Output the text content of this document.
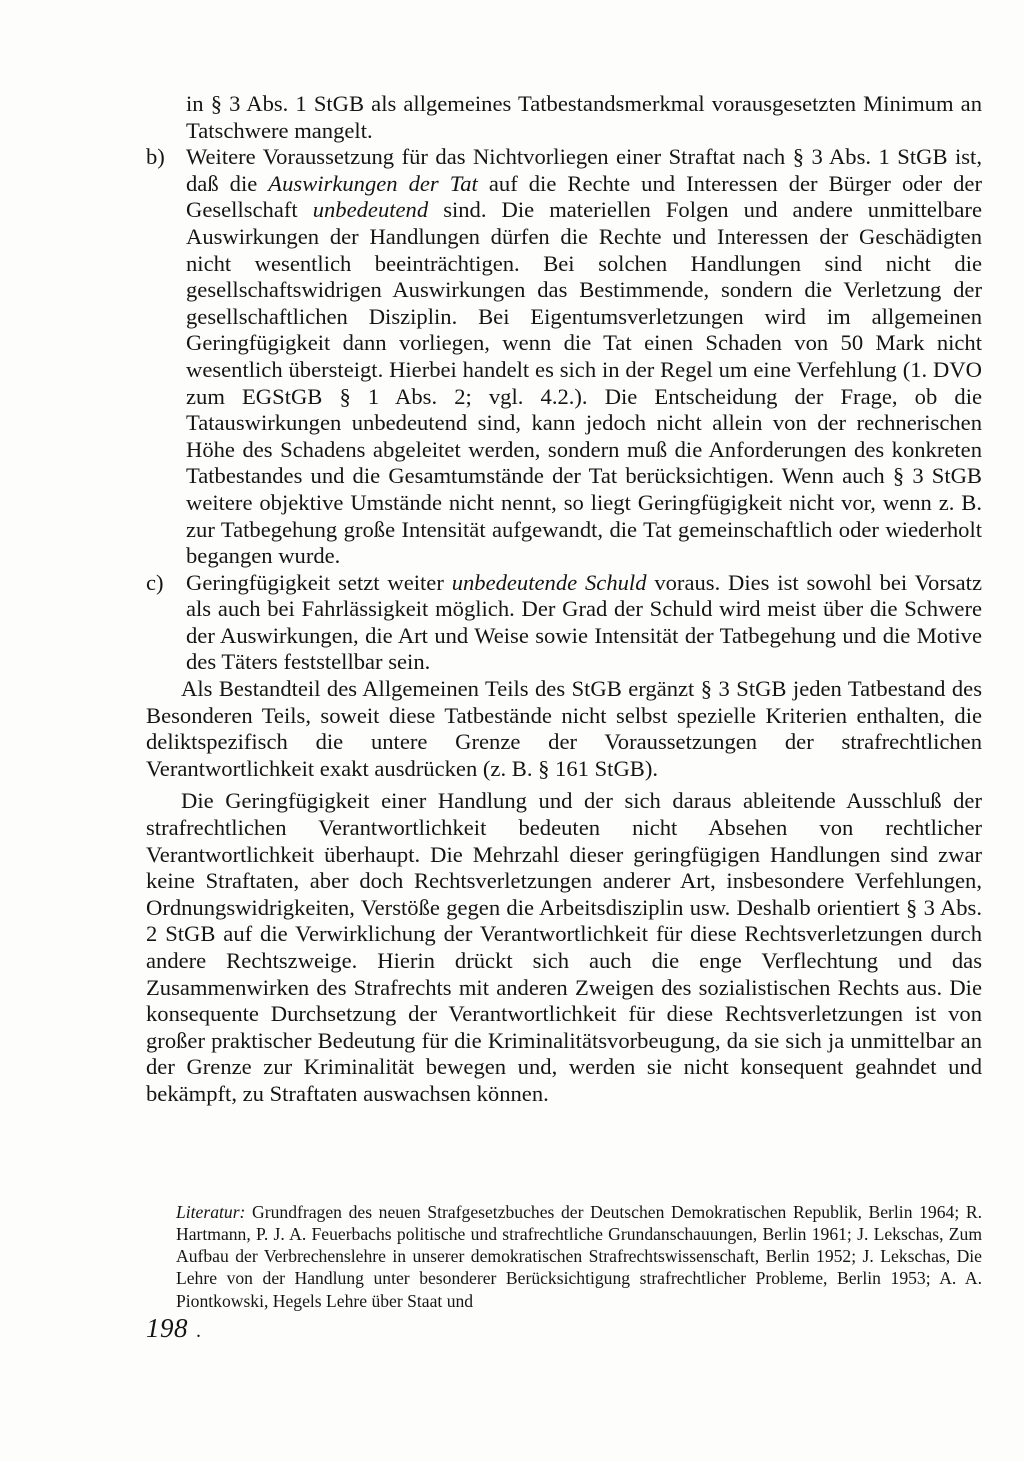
in § 3 Abs. 1 StGB als allgemeines Tatbestandsmerkmal vorausgesetzten Minimum an Tatschwere mangelt.

b) Weitere Voraussetzung für das Nichtvorliegen einer Straftat nach § 3 Abs. 1 StGB ist, daß die Auswirkungen der Tat auf die Rechte und Interessen der Bürger oder der Gesellschaft unbedeutend sind. Die materiellen Folgen und andere unmittelbare Auswirkungen der Handlungen dürfen die Rechte und Interessen der Geschädigten nicht wesentlich beeinträchtigen. Bei solchen Handlungen sind nicht die gesellschaftswidrigen Auswirkungen das Bestimmende, sondern die Verletzung der gesellschaftlichen Disziplin. Bei Eigentumsverletzungen wird im allgemeinen Geringfügigkeit dann vorliegen, wenn die Tat einen Schaden von 50 Mark nicht wesentlich übersteigt. Hierbei handelt es sich in der Regel um eine Verfehlung (1. DVO zum EGStGB § 1 Abs. 2; vgl. 4.2.). Die Entscheidung der Frage, ob die Tatauswirkungen unbedeutend sind, kann jedoch nicht allein von der rechnerischen Höhe des Schadens abgeleitet werden, sondern muß die Anforderungen des konkreten Tatbestandes und die Gesamtumstände der Tat berücksichtigen. Wenn auch § 3 StGB weitere objektive Umstände nicht nennt, so liegt Geringfügigkeit nicht vor, wenn z. B. zur Tatbegehung große Intensität aufgewandt, die Tat gemeinschaftlich oder wiederholt begangen wurde.

c) Geringfügigkeit setzt weiter unbedeutende Schuld voraus. Dies ist sowohl bei Vorsatz als auch bei Fahrlässigkeit möglich. Der Grad der Schuld wird meist über die Schwere der Auswirkungen, die Art und Weise sowie Intensität der Tatbegehung und die Motive des Täters feststellbar sein.

Als Bestandteil des Allgemeinen Teils des StGB ergänzt § 3 StGB jeden Tatbestand des Besonderen Teils, soweit diese Tatbestände nicht selbst spezielle Kriterien enthalten, die deliktspezifisch die untere Grenze der Voraussetzungen der strafrechtlichen Verantwortlichkeit exakt ausdrücken (z. B. § 161 StGB).

Die Geringfügigkeit einer Handlung und der sich daraus ableitende Ausschluß der strafrechtlichen Verantwortlichkeit bedeuten nicht Absehen von rechtlicher Verantwortlichkeit überhaupt. Die Mehrzahl dieser geringfügigen Handlungen sind zwar keine Straftaten, aber doch Rechtsverletzungen anderer Art, insbesondere Verfehlungen, Ordnungswidrigkeiten, Verstöße gegen die Arbeitsdisziplin usw. Deshalb orientiert § 3 Abs. 2 StGB auf die Verwirklichung der Verantwortlichkeit für diese Rechtsverletzungen durch andere Rechtszweige. Hierin drückt sich auch die enge Verflechtung und das Zusammenwirken des Strafrechts mit anderen Zweigen des sozialistischen Rechts aus. Die konsequente Durchsetzung der Verantwortlichkeit für diese Rechtsverletzungen ist von großer praktischer Bedeutung für die Kriminalitätsvorbeugung, da sie sich ja unmittelbar an der Grenze zur Kriminalität bewegen und, werden sie nicht konsequent geahndet und bekämpft, zu Straftaten auswachsen können.

Literatur: Grundfragen des neuen Strafgesetzbuches der Deutschen Demokratischen Republik, Berlin 1964; R. Hartmann, P. J. A. Feuerbachs politische und strafrechtliche Grundanschauungen, Berlin 1961; J. Lekschas, Zum Aufbau der Verbrechenslehre in unserer demokratischen Strafrechtswissenschaft, Berlin 1952; J. Lekschas, Die Lehre von der Handlung unter besonderer Berücksichtigung strafrechtlicher Probleme, Berlin 1953; A. A. Piontkowski, Hegels Lehre über Staat und

198 .
